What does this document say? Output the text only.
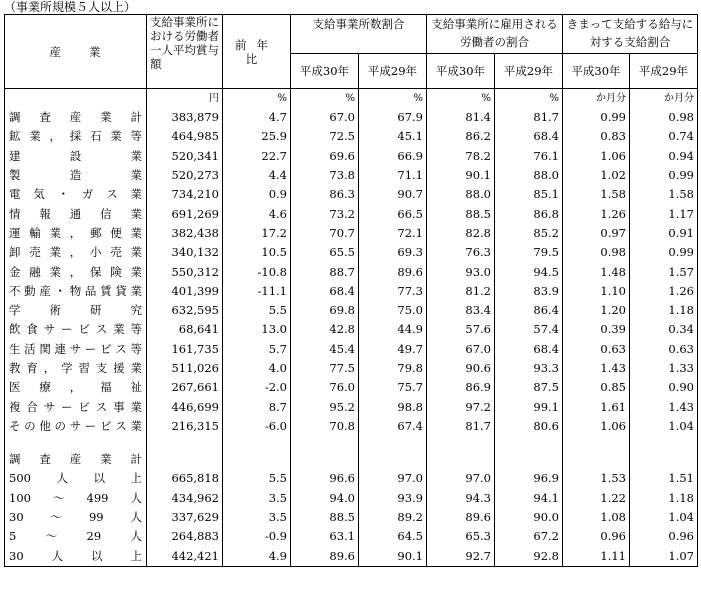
（事業所規模５人以上）
産業	支給事業所における労働者一人平均賞与額	前年比	支給事業所数割合		支給事業所に雇用される労働者の割合		きまって支給する給与に対する支給割合	
			平成30年	平成29年	平成30年	平成29年	平成30年	平成29年
	円	%	%	%	%	%	か月分	か月分
調査産業計	383,879	4.7	67.0	67.9	81.4	81.7	0.99	0.98
鉱業，採石業等	464,985	25.9	72.5	45.1	86.2	68.4	0.83	0.74
建設業	520,341	22.7	69.6	66.9	78.2	76.1	1.06	0.94
製造業	520,273	4.4	73.8	71.1	90.1	88.0	1.02	0.99
電気・ガス業	734,210	0.9	86.3	90.7	88.0	85.1	1.58	1.58
情報通信業	691,269	4.6	73.2	66.5	88.5	86.8	1.26	1.17
運輸業，郵便業	382,438	17.2	70.7	72.1	82.8	85.2	0.97	0.91
卸売業，小売業	340,132	10.5	65.5	69.3	76.3	79.5	0.98	0.99
金融業，保険業	550,312	-10.8	88.7	89.6	93.0	94.5	1.48	1.57
不動産・物品賃貸業	401,399	-11.1	68.4	77.3	81.2	83.9	1.10	1.26
学術研究	632,595	5.5	69.8	75.0	83.4	86.4	1.20	1.18
飲食サービス業等	68,641	13.0	42.8	44.9	57.6	57.4	0.39	0.34
生活関連サービス等	161,735	5.7	45.4	49.7	67.0	68.4	0.63	0.63
教育，学習支援業	511,026	4.0	77.5	79.8	90.6	93.3	1.43	1.33
医療，福祉	267,661	-2.0	76.0	75.7	86.9	87.5	0.85	0.90
複合サービス事業	446,699	8.7	95.2	98.8	97.2	99.1	1.61	1.43
その他のサービス業	216,315	-6.0	70.8	67.4	81.7	80.6	1.06	1.04

調査産業計								
500人以上	665,818	5.5	96.6	97.0	97.0	96.9	1.53	1.51
100～499人	434,962	3.5	94.0	93.9	94.3	94.1	1.22	1.18
30～99人	337,629	3.5	88.5	89.2	89.6	90.0	1.08	1.04
5～29人	264,883	-0.9	63.1	64.5	65.3	67.2	0.96	0.96
30人以上	442,421	4.9	89.6	90.1	92.7	92.8	1.11	1.07
